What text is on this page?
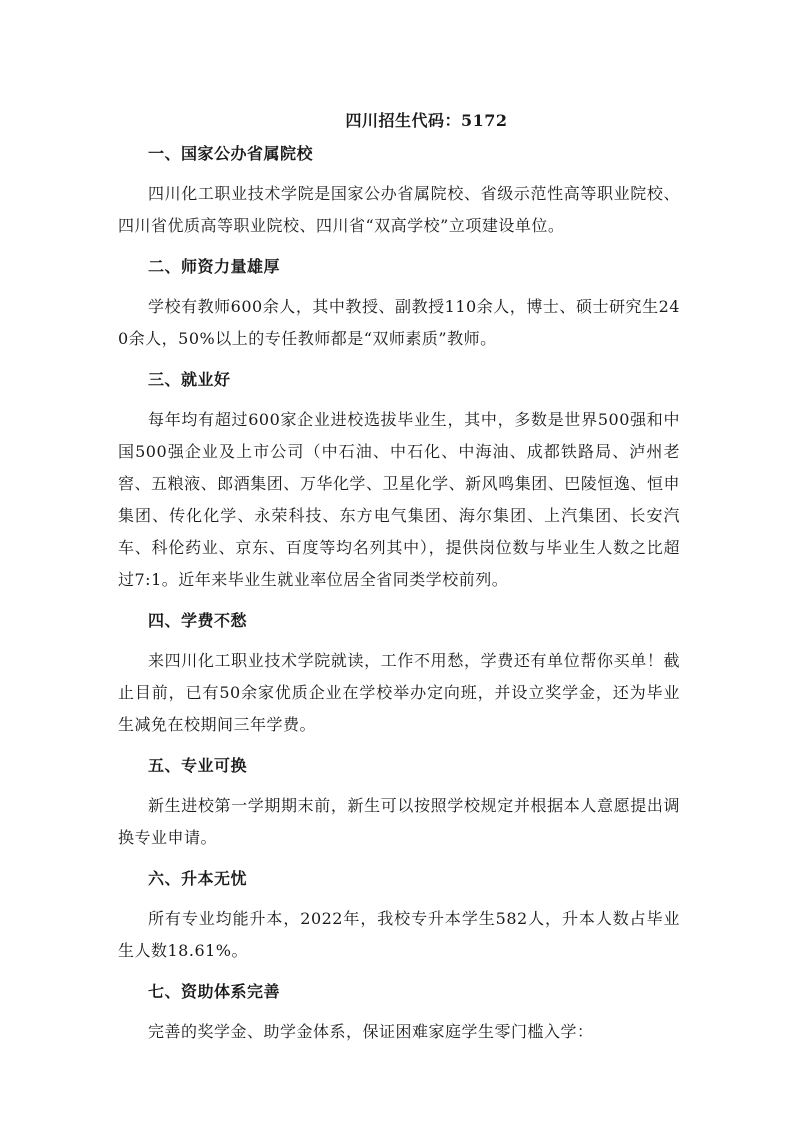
四川招生代码：5172
一、国家公办省属院校
四川化工职业技术学院是国家公办省属院校、省级示范性高等职业院校、四川省优质高等职业院校、四川省“双高学校”立项建设单位。
二、师资力量雄厚
学校有教师600余人，其中教授、副教授110余人，博士、硕士研究生240余人，50%以上的专任教师都是“双师素质”教师。
三、就业好
每年均有超过600家企业进校选拔毕业生，其中，多数是世界500强和中国500强企业及上市公司（中石油、中石化、中海油、成都铁路局、泸州老窖、五粮液、郎酒集团、万华化学、卫星化学、新风鸣集团、巴陵恒逸、恒申集团、传化化学、永荣科技、东方电气集团、海尔集团、上汽集团、长安汽车、科伦药业、京东、百度等均名列其中），提供岗位数与毕业生人数之比超过7:1。近年来毕业生就业率位居全省同类学校前列。
四、学费不愁
来四川化工职业技术学院就读，工作不用愁，学费还有单位帮你买单！截止目前，已有50余家优质企业在学校举办定向班，并设立奖学金，还为毕业生减免在校期间三年学费。
五、专业可换
新生进校第一学期期末前，新生可以按照学校规定并根据本人意愿提出调换专业申请。
六、升本无忧
所有专业均能升本，2022年，我校专升本学生582人，升本人数占毕业生人数18.61%。
七、资助体系完善
完善的奖学金、助学金体系，保证困难家庭学生零门槛入学：
